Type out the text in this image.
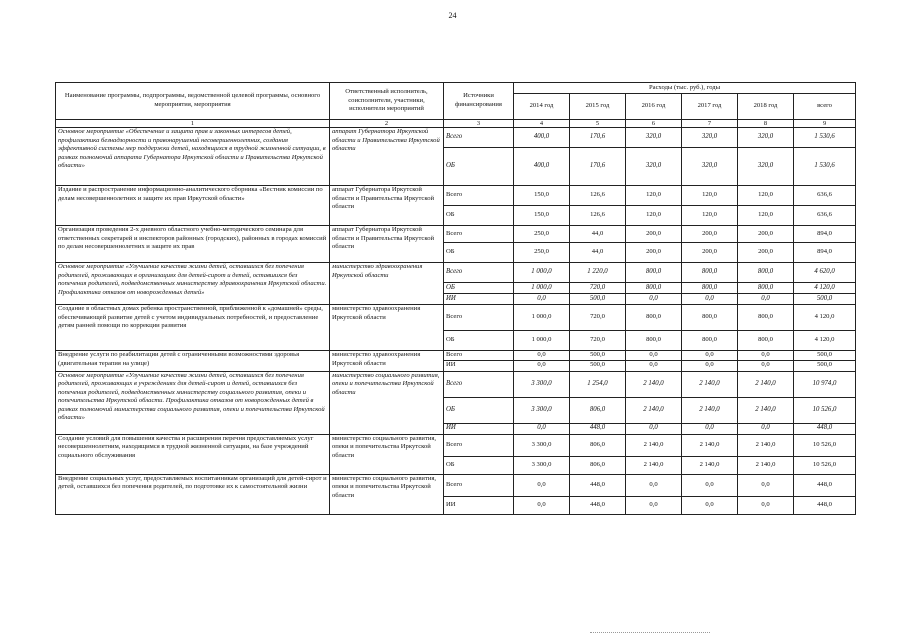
24
Наименование программы, подпрограммы, ведомственной целевой программы, основного мероприятия, мероприятия	Ответственный исполнитель, соисполнители, участники, исполнители мероприятий	Источники финансирования	Расходы (тыс. руб.), годы					
			2014 год	2015 год	2016 год	2017 год	2018 год	всего
1	2	3	4	5	6	7	8	9
Основное мероприятие «Обеспечение и защита прав и законных интересов детей, профилактика безнадзорности и правонарушений несовершеннолетних, создания эффективной системы мер поддержки детей, находящихся в трудной жизненной ситуации, в рамках полномочий аппарата Губернатора Иркутской области и Правительства Иркутской области»	аппарат Губернатора Иркутской области и Правительства Иркутской области	Всего	400,0	170,6	320,0	320,0	320,0	1 530,6
		ОБ	400,0	170,6	320,0	320,0	320,0	1 530,6
Издание и распространение информационно-аналитического сборника «Вестник комиссии по делам несовершеннолетних и защите их прав Иркутской области»	аппарат Губернатора Иркутской области и Правительства Иркутской области	Всего	150,0	126,6	120,0	120,0	120,0	636,6
		ОБ	150,0	126,6	120,0	120,0	120,0	636,6
Организация проведения 2-х дневного областного учебно-методического семинара для ответственных секретарей и инспекторов районных (городских), районных в городах комиссий по делам несовершеннолетних и защите их прав	аппарат Губернатора Иркутской области и Правительства Иркутской области	Всего	250,0	44,0	200,0	200,0	200,0	894,0
		ОБ	250,0	44,0	200,0	200,0	200,0	894,0
Основное мероприятие «Улучшение качества жизни детей, оставшихся без попечения родителей, проживающих в организациях для детей-сирот и детей, оставшихся без попечения родителей, подведомственных министерству здравоохранения Иркутской области. Профилактика отказов от новорожденных детей»	министерство здравоохранения Иркутской области	Всего	1 000,0	1 220,0	800,0	800,0	800,0	4 620,0
		ОБ	1 000,0	720,0	800,0	800,0	800,0	4 120,0
		ИИ	0,0	500,0	0,0	0,0	0,0	500,0
Создание в областных домах ребенка пространственной, приближенной к «домашней» среды, обеспечивающей развитие детей с учетом индивидуальных потребностей, и предоставление детям ранней помощи по коррекции развития	министерство здравоохранения Иркутской области	Всего	1 000,0	720,0	800,0	800,0	800,0	4 120,0
		ОБ	1 000,0	720,0	800,0	800,0	800,0	4 120,0
Внедрение услуги по реабилитации детей с ограниченными возможностями здоровья (двигательная терапия на улице)	министерство здравоохранения Иркутской области	Всего	0,0	500,0	0,0	0,0	0,0	500,0
		ИИ	0,0	500,0	0,0	0,0	0,0	500,0
Основное мероприятие «Улучшение качества жизни детей, оставшихся без попечения родителей, проживающих в учреждениях для детей-сирот и детей, оставшихся без попечения родителей, подведомственных министерству социального развития, опеки и попечительства Иркутской области. Профилактика отказов от новорожденных детей в рамках полномочий министерства социального развития, опеки и попечительства Иркутской области»	министерство социального развития, опеки и попечительства Иркутской области	Всего	3 300,0	1 254,0	2 140,0	2 140,0	2 140,0	10 974,0
		ОБ	3 300,0	806,0	2 140,0	2 140,0	2 140,0	10 526,0
		ИИ	0,0	448,0	0,0	0,0	0,0	448,0
Создание условий для повышения качества и расширения перечня предоставляемых услуг несовершеннолетним, находящимся в трудной жизненной ситуации, на базе учреждений социального обслуживания	министерство социального развития, опеки и попечительства Иркутской области	Всего	3 300,0	806,0	2 140,0	2 140,0	2 140,0	10 526,0
		ОБ	3 300,0	806,0	2 140,0	2 140,0	2 140,0	10 526,0
Внедрение социальных услуг, предоставляемых воспитанникам организаций для детей-сирот и детей, оставшихся без попечения родителей, по подготовке их к самостоятельной жизни	министерство социального развития, опеки и попечительства Иркутской области	Всего	0,0	448,0	0,0	0,0	0,0	448,0
		ИИ	0,0	448,0	0,0	0,0	0,0	448,0
